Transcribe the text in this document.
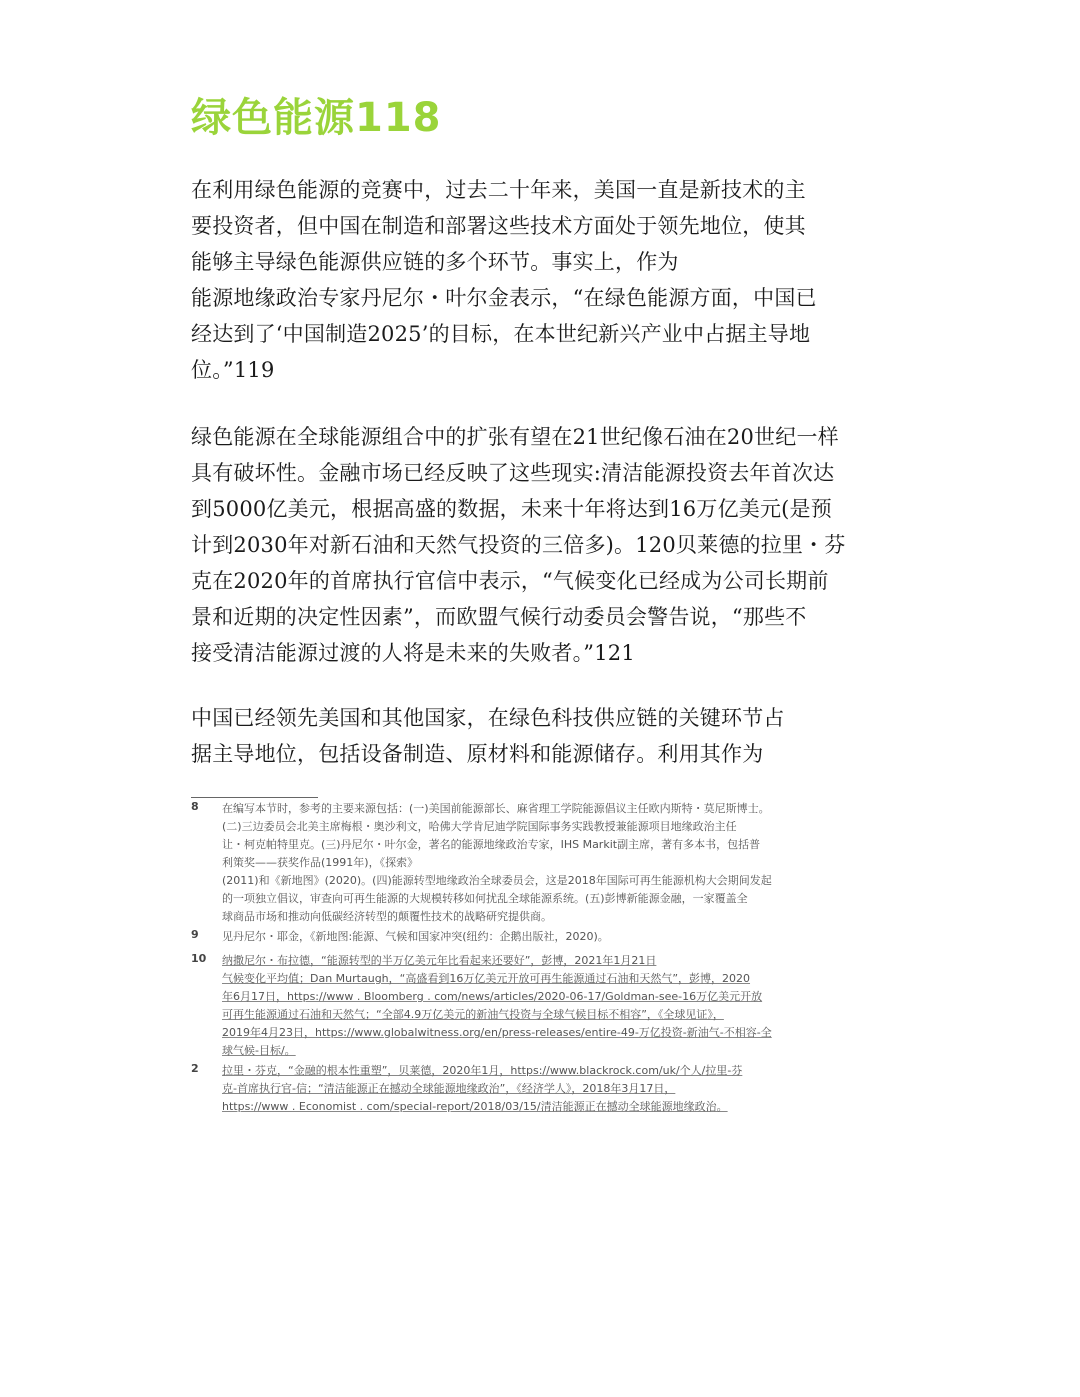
绿色能源118
在利用绿色能源的竞赛中，过去二十年来，美国一直是新技术的主
要投资者，但中国在制造和部署这些技术方面处于领先地位，使其
能够主导绿色能源供应链的多个环节。事实上，作为
能源地缘政治专家丹尼尔・叶尔金表示，“在绿色能源方面，中国已
经达到了‘中国制造2025’的目标，在本世纪新兴产业中占据主导地
位。”119
绿色能源在全球能源组合中的扩张有望在21世纪像石油在20世纪一样
具有破坏性。金融市场已经反映了这些现实:清洁能源投资去年首次达
到5000亿美元，根据高盛的数据，未来十年将达到16万亿美元(是预
计到2030年对新石油和天然气投资的三倍多)。120贝莱德的拉里・芬
克在2020年的首席执行官信中表示，“气候变化已经成为公司长期前
景和近期的决定性因素”，而欧盟气候行动委员会警告说，“那些不
接受清洁能源过渡的人将是未来的失败者。”121
中国已经领先美国和其他国家，在绿色科技供应链的关键环节占
据主导地位，包括设备制造、原材料和能源储存。利用其作为
8 在编写本节时，参考的主要来源包括：(一)美国前能源部长、麻省理工学院能源倡议主任欧内斯特・莫尼斯博士。
(二)三边委员会北美主席梅根・奥沙利文，哈佛大学肯尼迪学院国际事务实践教授兼能源项目地缘政治主任
让・柯克帕特里克。(三)丹尼尔・叶尔金，著名的能源地缘政治专家，IHS Markit副主席，著有多本书，包括普
利策奖——获奖作品(1991年)，《探索》
(2011)和《新地图》(2020)。(四)能源转型地缘政治全球委员会，这是2018年国际可再生能源机构大会期间发起
的一项独立倡议，审查向可再生能源的大规模转移如何扰乱全球能源系统。(五)彭博新能源金融，一家覆盖全
球商品市场和推动向低碳经济转型的颠覆性技术的战略研究提供商。
9 见丹尼尔・耶金，《新地图:能源、气候和国家冲突(纽约：企鹅出版社，2020)。
10 纳撒尼尔・布拉德，“能源转型的半万亿美元年比看起来还要好”，彭博，2021年1月21日
气候变化平均值；Dan Murtaugh，“高盛看到16万亿美元开放可再生能源通过石油和天然气”，彭博，2020
年6月17日，https://www . Bloomberg . com/news/articles/2020-06-17/Goldman-see-16万亿美元开放
可再生能源通过石油和天然气；“全部4.9万亿美元的新油气投资与全球气候目标不相容”，《全球见证》，
2019年4月23日，https://www.globalwitness.org/en/press-releases/entire-49-万亿投资-新油气-不相容-全
球气候-目标/。
2 拉里・芬克，“金融的根本性重塑”，贝莱德，2020年1月，https://www.blackrock.com/uk/个人/拉里-芬
克-首席执行官-信；“清洁能源正在撼动全球能源地缘政治”，《经济学人》，2018年3月17日，
https://www . Economist . com/special-report/2018/03/15/清洁能源正在撼动全球能源地缘政治。
